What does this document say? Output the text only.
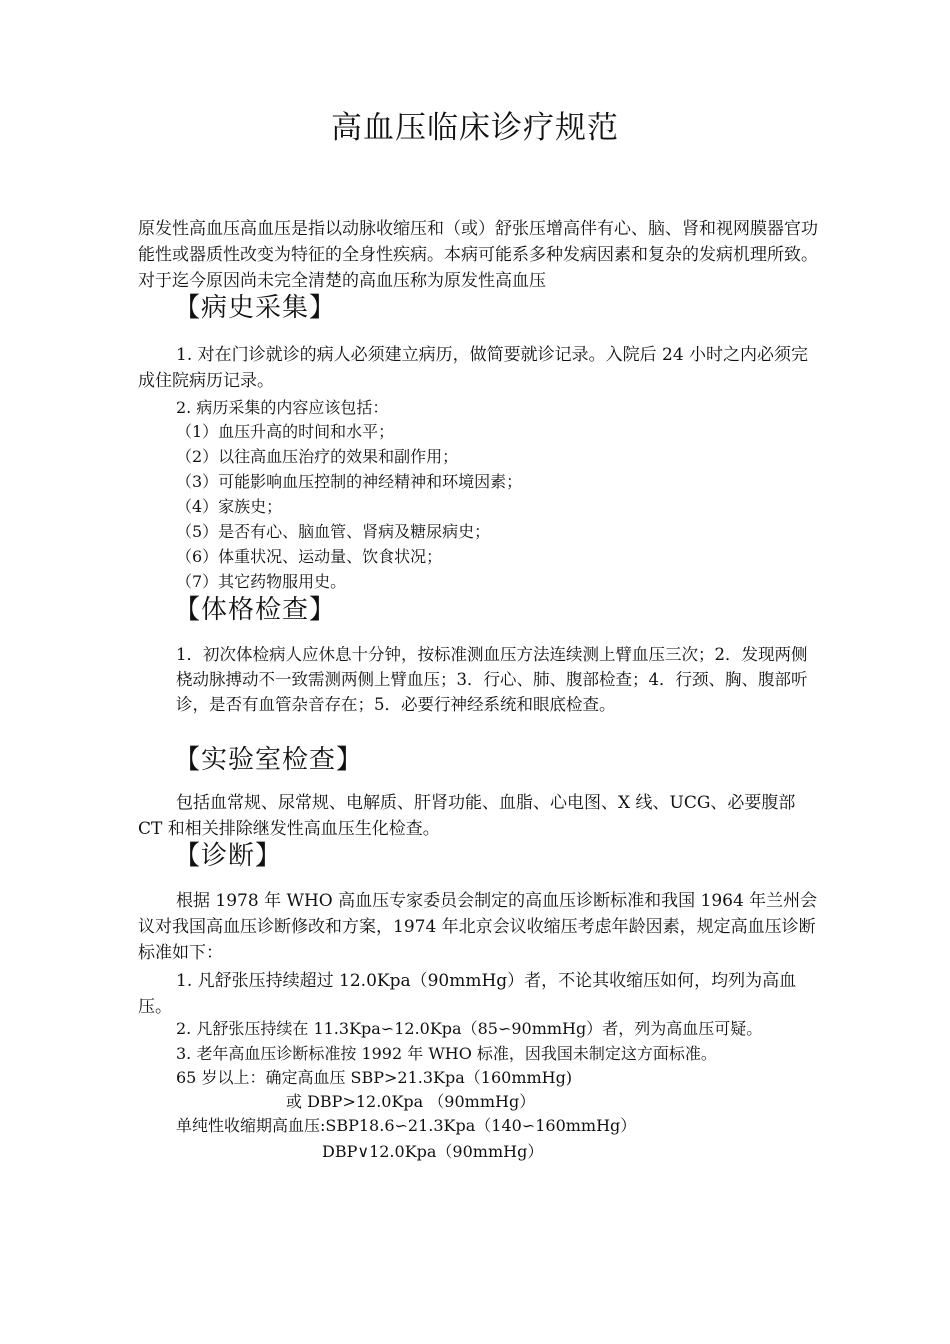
高血压临床诊疗规范

原发性高血压高血压是指以动脉收缩压和（或）舒张压增高伴有心、脑、肾和视网膜器官功能性或器质性改变为特征的全身性疾病。本病可能系多种发病因素和复杂的发病机理所致。对于迄今原因尚未完全清楚的高血压称为原发性高血压

【病史采集】

1. 对在门诊就诊的病人必须建立病历，做简要就诊记录。入院后 24 小时之内必须完成住院病历记录。

2. 病历采集的内容应该包括：
（1）血压升高的时间和水平；
（2）以往高血压治疗的效果和副作用；
（3）可能影响血压控制的神经精神和环境因素；
（4）家族史；
（5）是否有心、脑血管、肾病及糖尿病史；
（6）体重状况、运动量、饮食状况；
（7）其它药物服用史。
【体格检查】

1．初次体检病人应休息十分钟，按标准测血压方法连续测上臂血压三次；2．发现两侧桡动脉搏动不一致需测两侧上臂血压；3．行心、肺、腹部检查；4．行颈、胸、腹部听诊，是否有血管杂音存在；5．必要行神经系统和眼底检查。

【实验室检查】

包括血常规、尿常规、电解质、肝肾功能、血脂、心电图、X 线、UCG、必要腹部 CT 和相关排除继发性高血压生化检查。

【诊断】

根据 1978 年 WHO 高血压专家委员会制定的高血压诊断标准和我国 1964 年兰州会议对我国高血压诊断修改和方案，1974 年北京会议收缩压考虑年龄因素，规定高血压诊断标准如下：

1. 凡舒张压持续超过 12.0Kpa（90mmHg）者，不论其收缩压如何，均列为高血压。

2. 凡舒张压持续在 11.3Kpa∽12.0Kpa（85∽90mmHg）者，列为高血压可疑。
3. 老年高血压诊断标准按 1992 年 WHO 标准，因我国未制定这方面标准。
65 岁以上：确定高血压 SBP>21.3Kpa（160mmHg)
或 DBP>12.0Kpa （90mmHg）
单纯性收缩期高血压:SBP18.6∽21.3Kpa（140∽160mmHg）
DBP∨12.0Kpa（90mmHg）
